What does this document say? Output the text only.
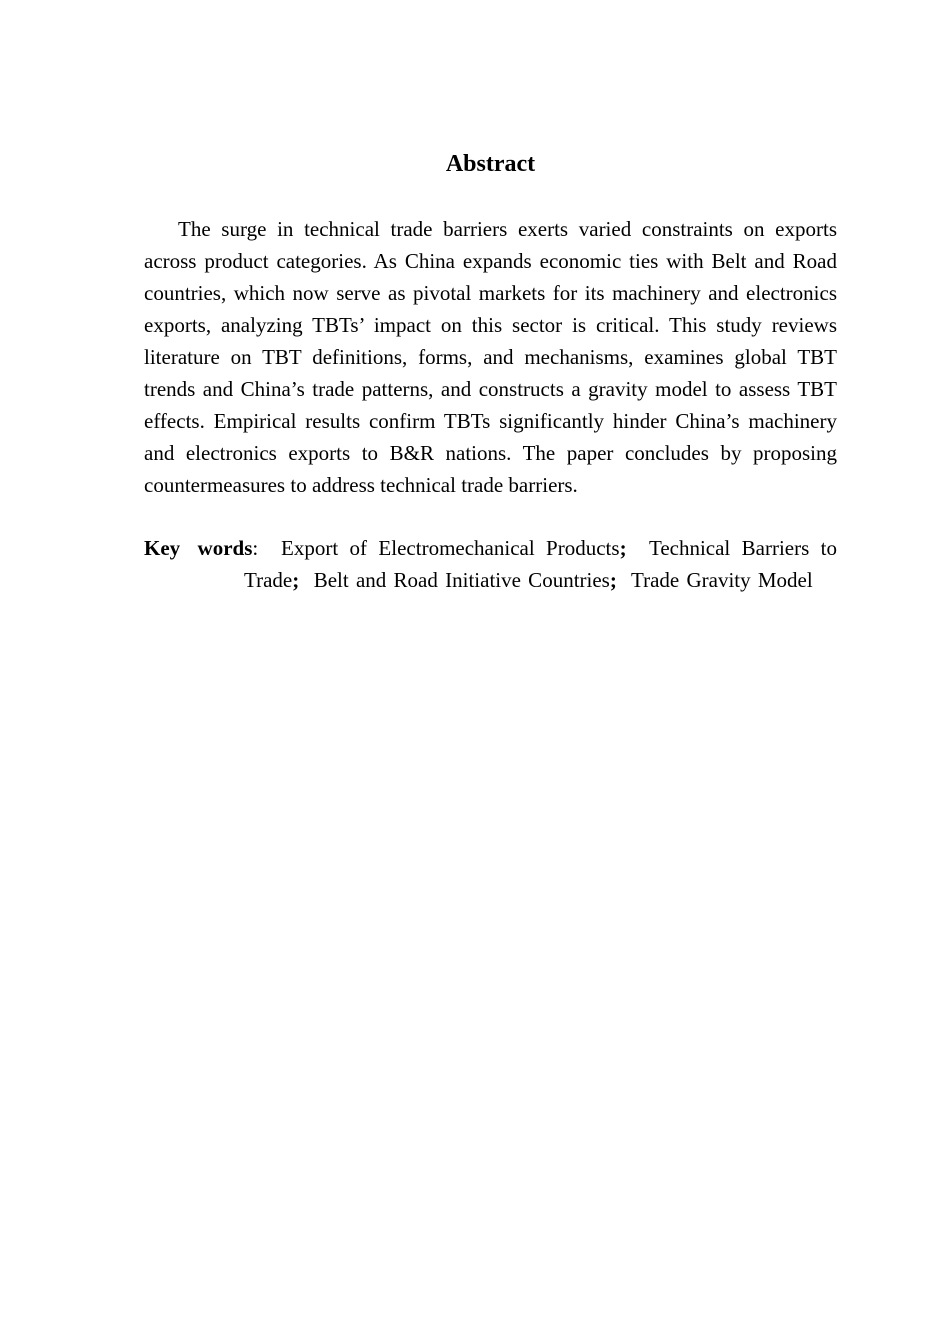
Abstract

The surge in technical trade barriers exerts varied constraints on exports across product categories. As China expands economic ties with Belt and Road countries, which now serve as pivotal markets for its machinery and electronics exports, analyzing TBTs’ impact on this sector is critical. This study reviews literature on TBT definitions, forms, and mechanisms, examines global TBT trends and China’s trade patterns, and constructs a gravity model to assess TBT effects. Empirical results confirm TBTs significantly hinder China’s machinery and electronics exports to B&R nations. The paper concludes by proposing countermeasures to address technical trade barriers.

Key words: Export of Electromechanical Products; Technical Barriers to Trade; Belt and Road Initiative Countries; Trade Gravity Model
